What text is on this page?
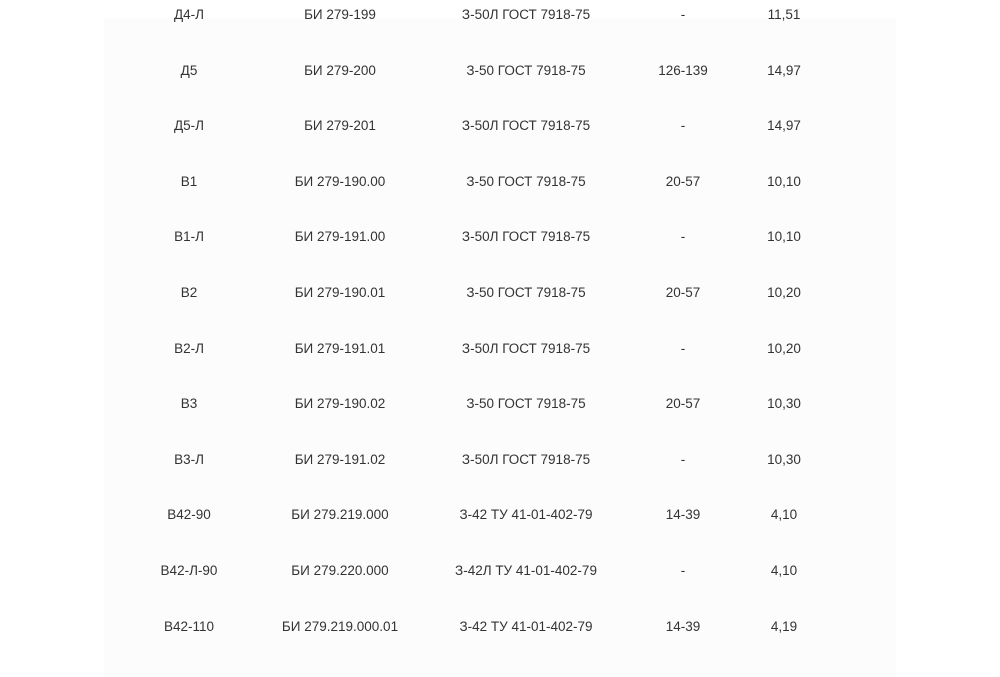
Д4-Л	БИ 279-199	З-50Л ГОСТ 7918-75	-	11,51
Д5	БИ 279-200	З-50 ГОСТ 7918-75	126-139	14,97
Д5-Л	БИ 279-201	З-50Л ГОСТ 7918-75	-	14,97
В1	БИ 279-190.00	З-50 ГОСТ 7918-75	20-57	10,10
В1-Л	БИ 279-191.00	З-50Л ГОСТ 7918-75	-	10,10
В2	БИ 279-190.01	З-50 ГОСТ 7918-75	20-57	10,20
В2-Л	БИ 279-191.01	З-50Л ГОСТ 7918-75	-	10,20
В3	БИ 279-190.02	З-50 ГОСТ 7918-75	20-57	10,30
В3-Л	БИ 279-191.02	З-50Л ГОСТ 7918-75	-	10,30
В42-90	БИ 279.219.000	З-42 ТУ 41-01-402-79	14-39	4,10
В42-Л-90	БИ 279.220.000	З-42Л ТУ 41-01-402-79	-	4,10
В42-110	БИ 279.219.000.01	З-42 ТУ 41-01-402-79	14-39	4,19
